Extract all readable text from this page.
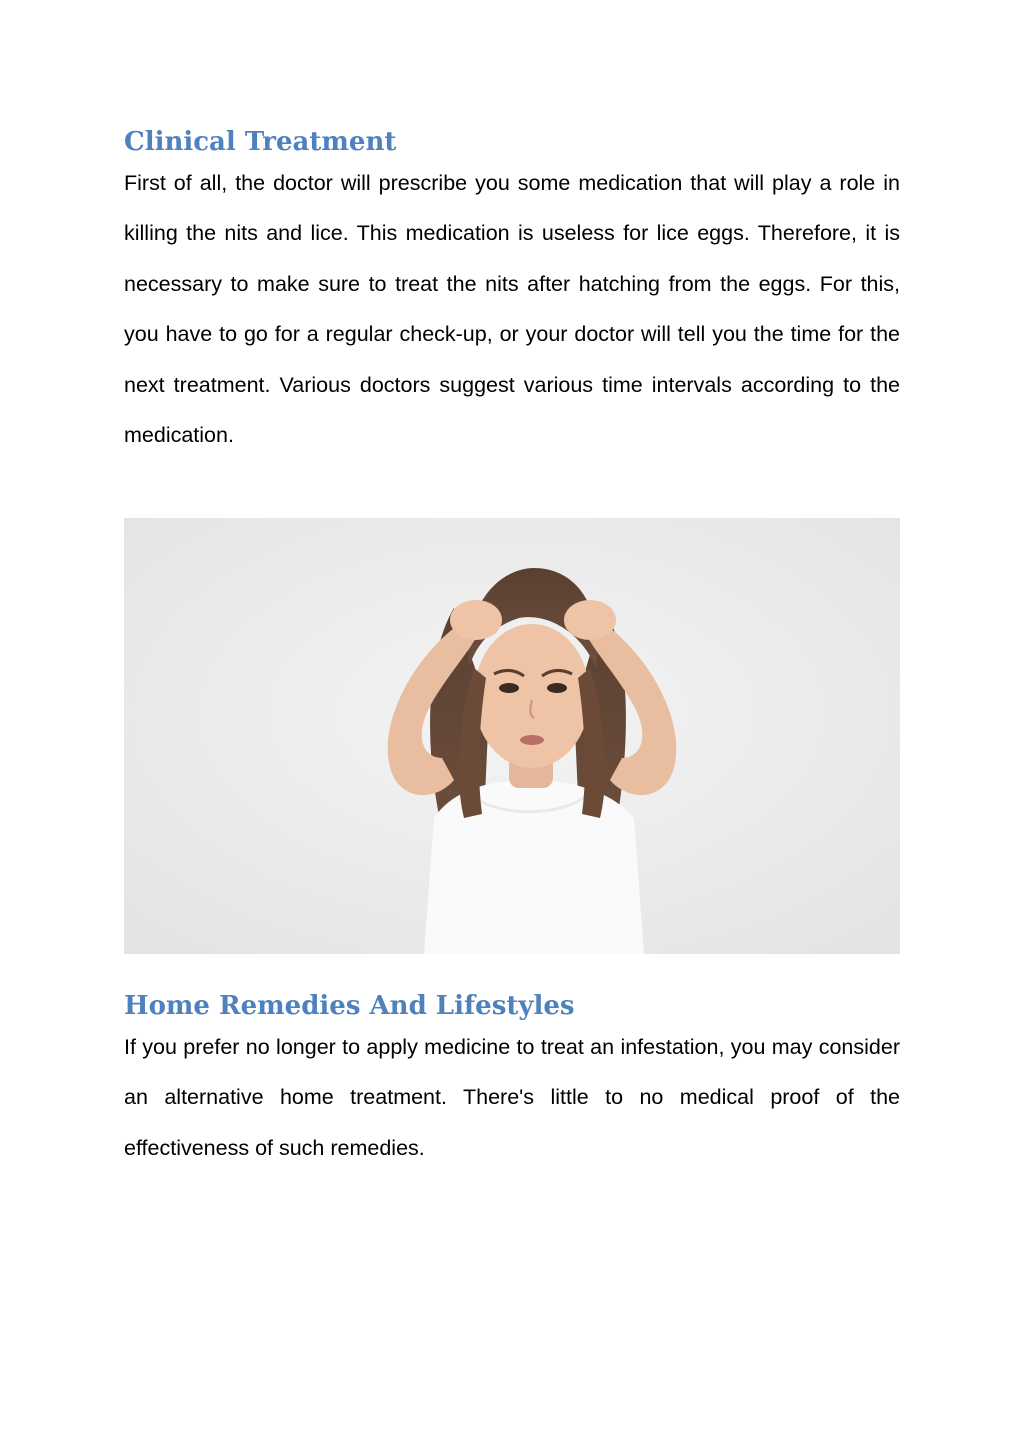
Clinical Treatment

First of all, the doctor will prescribe you some medication that will play a role in killing the nits and lice. This medication is useless for lice eggs. Therefore, it is necessary to make sure to treat the nits after hatching from the eggs. For this, you have to go for a regular check-up, or your doctor will tell you the time for the next treatment. Various doctors suggest various time intervals according to the medication.

Home Remedies And Lifestyles

If you prefer no longer to apply medicine to treat an infestation, you may consider an alternative home treatment. There's little to no medical proof of the effectiveness of such remedies.
